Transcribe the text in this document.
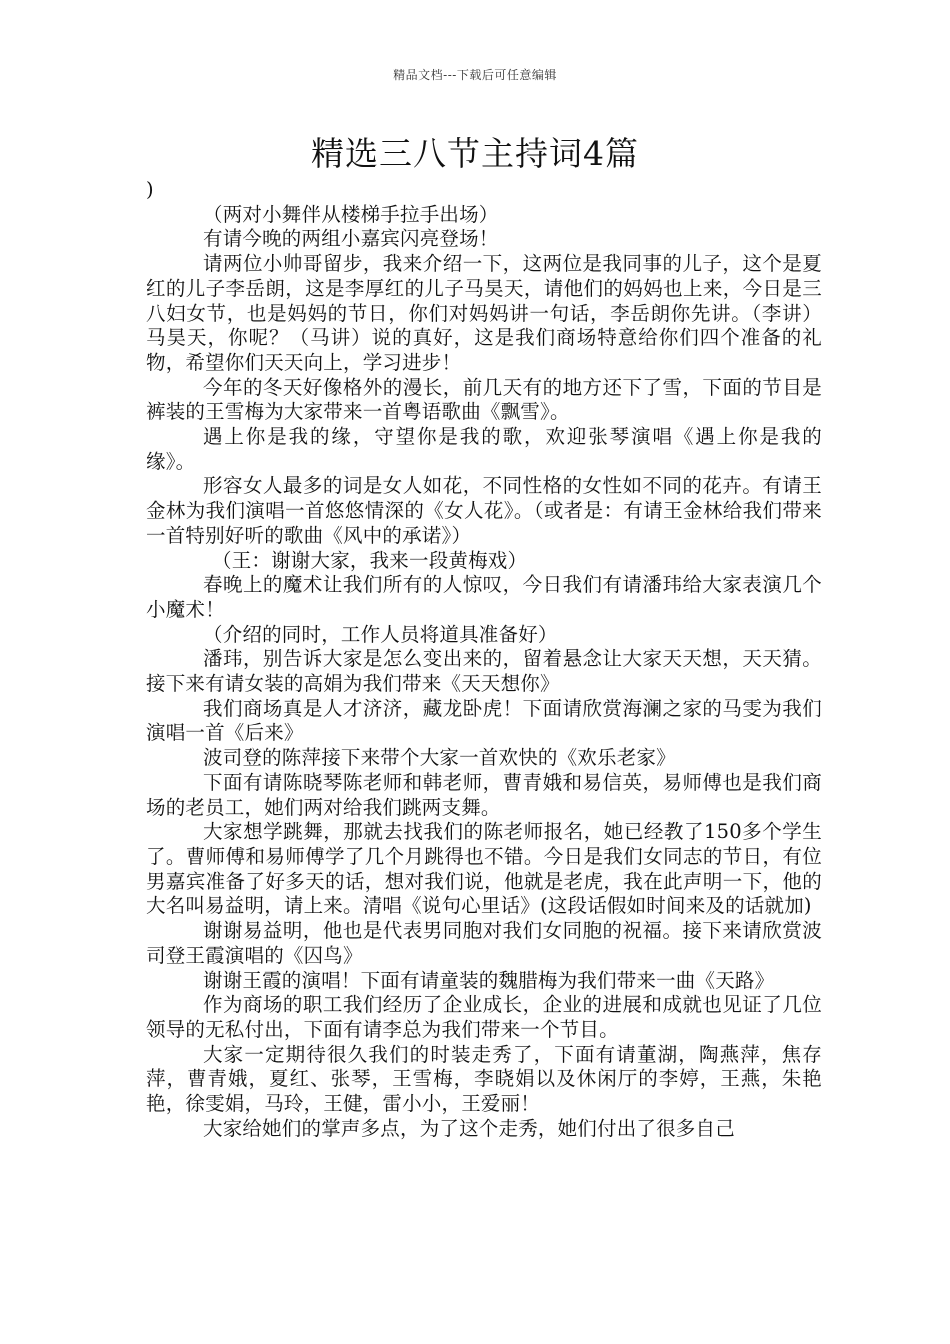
精品文档---下载后可任意编辑
精选三八节主持词4篇

)

（两对小舞伴从楼梯手拉手出场）

有请今晚的两组小嘉宾闪亮登场！

请两位小帅哥留步，我来介绍一下，这两位是我同事的儿子，这个是夏红的儿子李岳朗，这是李厚红的儿子马昊天，请他们的妈妈也上来，今日是三八妇女节，也是妈妈的节日，你们对妈妈讲一句话，李岳朗你先讲。（李讲）马昊天，你呢？（马讲）说的真好，这是我们商场特意给你们四个准备的礼物，希望你们天天向上，学习进步！

今年的冬天好像格外的漫长，前几天有的地方还下了雪，下面的节目是裤装的王雪梅为大家带来一首粤语歌曲《飘雪》。

遇上你是我的缘，守望你是我的歌，欢迎张琴演唱《遇上你是我的缘》。

形容女人最多的词是女人如花，不同性格的女性如不同的花卉。有请王金林为我们演唱一首悠悠情深的《女人花》。（或者是：有请王金林给我们带来一首特别好听的歌曲《风中的承诺》）

（王：谢谢大家，我来一段黄梅戏）

春晚上的魔术让我们所有的人惊叹，今日我们有请潘玮给大家表演几个小魔术！

（介绍的同时，工作人员将道具准备好）

潘玮，别告诉大家是怎么变出来的，留着悬念让大家天天想，天天猜。接下来有请女装的高娟为我们带来《天天想你》

我们商场真是人才济济，藏龙卧虎！下面请欣赏海澜之家的马雯为我们演唱一首《后来》

波司登的陈萍接下来带个大家一首欢快的《欢乐老家》

下面有请陈晓琴陈老师和韩老师，曹青娥和易信英，易师傅也是我们商场的老员工，她们两对给我们跳两支舞。

大家想学跳舞，那就去找我们的陈老师报名，她已经教了150多个学生了。曹师傅和易师傅学了几个月跳得也不错。今日是我们女同志的节日，有位男嘉宾准备了好多天的话，想对我们说，他就是老虎，我在此声明一下，他的大名叫易益明，请上来。清唱《说句心里话》(这段话假如时间来及的话就加)

谢谢易益明，他也是代表男同胞对我们女同胞的祝福。接下来请欣赏波司登王霞演唱的《囚鸟》

谢谢王霞的演唱！下面有请童装的魏腊梅为我们带来一曲《天路》

作为商场的职工我们经历了企业成长，企业的进展和成就也见证了几位领导的无私付出，下面有请李总为我们带来一个节目。

大家一定期待很久我们的时装走秀了，下面有请董湖，陶燕萍，焦存萍，曹青娥，夏红、张琴，王雪梅，李晓娟以及休闲厅的李婷，王燕，朱艳艳，徐雯娟，马玲，王健，雷小小，王爱丽！

大家给她们的掌声多点，为了这个走秀，她们付出了很多自己
